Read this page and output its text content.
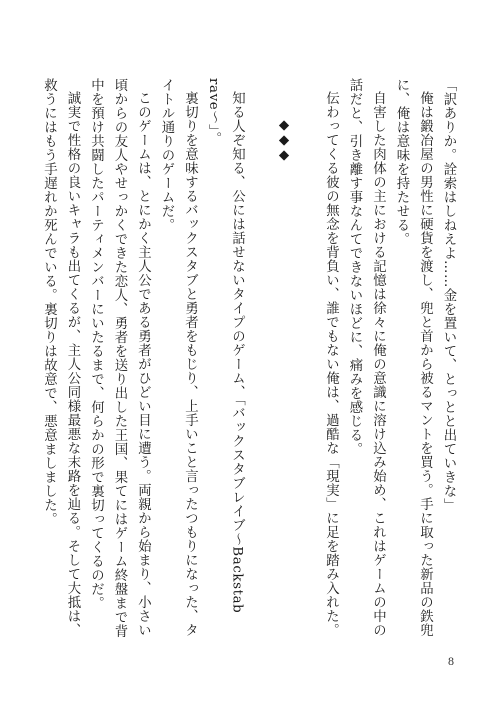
「訳ありか。詮索はしねえよ……金を置いて、とっとと出ていきな」

俺は鍛冶屋の男性に硬貨を渡し、兜と首から被るマントを買う。手に取った新品の鉄兜に、俺は意味を持たせる。

自害した肉体の主における記憶は徐々に俺の意識に溶け込み始め、これはゲームの中の話だと、引き離す事なんてできないほどに、痛みを感じる。

伝わってくる彼の無念を背負い、誰でもない俺は、過酷な「現実」に足を踏み入れた。

◆◆◆

知る人ぞ知る、公には話せないタイプのゲーム、「バックスタブレイブ～Backstab rave～」。

裏切りを意味するバックスタブと勇者をもじり、上手いこと言ったつもりになった、タイトル通りのゲームだ。

このゲームは、とにかく主人公である勇者がひどい目に遭う。両親から始まり、小さい頃からの友人やせっかくできた恋人、勇者を送り出した王国、果てにはゲーム終盤まで背中を預け共闘したパーティメンバーにいたるまで、何らかの形で裏切ってくるのだ。

誠実で性格の良いキャラも出てくるが、主人公同様最悪な末路を辿る。そして大抵は、救うにはもう手遅れか死んでいる。裏切りは故意で、悪意ましました。

8
